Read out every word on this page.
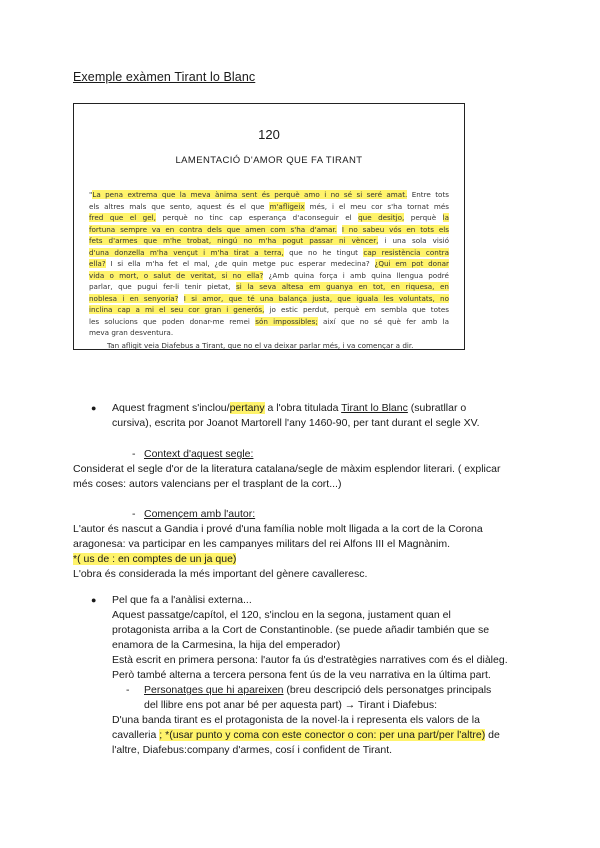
Exemple exàmen Tirant lo Blanc
120
LAMENTACIÓ D'AMOR QUE FA TIRANT

"La pena extrema que la meva ànima sent és perquè amo i no sé si seré amat. Entre tots

els altres mals que sento, aquest és el que m'afligeix més, i el meu cor s'ha tornat més

fred que el gel, perquè no tinc cap esperança d'aconseguir el que desitjo, perquè la

fortuna sempre va en contra dels que amen com s'ha d'amar. I no sabeu vós en tots els

fets d'armes que m'he trobat, ningú no m'ha pogut passar ni vèncer, i una sola visió

d'una donzella m'ha vençut i m'ha tirat a terra, que no he tingut cap resistència contra

ella? I si ella m'ha fet el mal, ¿de quin metge puc esperar medecina? ¿Qui em pot donar

vida o mort, o salut de veritat, si no ella? ¿Amb quina força i amb quina llengua podré

parlar, que pugui fer-li tenir pietat, si la seva altesa em guanya en tot, en riquesa, en

noblesa i en senyoria? I si amor, que té una balança justa, que iguala les voluntats, no

inclina cap a mi el seu cor gran i generós, jo estic perdut, perquè em sembla que totes

les solucions que poden donar-me remei són impossibles; així que no sé què fer amb la

meva gran desventura.

Tan afligit veia Diafebus a Tirant, que no el va deixar parlar més, i va començar a dir.

●	Aquest fragment s'inclou/pertany a l'obra titulada Tirant lo Blanc (subratllar o

cursiva), escrita por Joanot Martorell l'any 1460-90, per tant durant el segle XV.

- Context d'aquest segle:

Considerat el segle d'or de la literatura catalana/segle de màxim esplendor literari. ( explicar

més coses: autors valencians per el trasplant de la cort...)

- Començem amb l'autor:

L'autor és nascut a Gandia i prové d'una família noble molt lligada a la cort de la Corona

aragonesa: va participar en les campanyes militars del rei Alfons III el Magnànim.

*( us de : en comptes de un ja que)

L'obra és considerada la més important del gènere cavalleresc.

●	Pel que fa a l'anàlisi externa...

Aquest passatge/capítol, el 120, s'inclou en la segona, justament quan el

protagonista arriba a la Cort de Constantinoble. (se puede añadir también que se

enamora de la Carmesina, la hija del emperador)

Està escrit en primera persona: l'autor fa ús d'estratègies narratives com és el diàleg.

Però també alterna a tercera persona fent ús de la veu narrativa en la última part.

-	Personatges que hi apareixen (breu descripció dels personatges principals

del llibre ens pot anar bé per aquesta part) → Tirant i Diafebus:

D'una banda tirant es el protagonista de la novel·la i representa els valors de la

cavalleria ; *(usar punto y coma con este conector o con: per una part/per l'altre) de

l'altre, Diafebus:company d'armes, cosí i confident de Tirant.
